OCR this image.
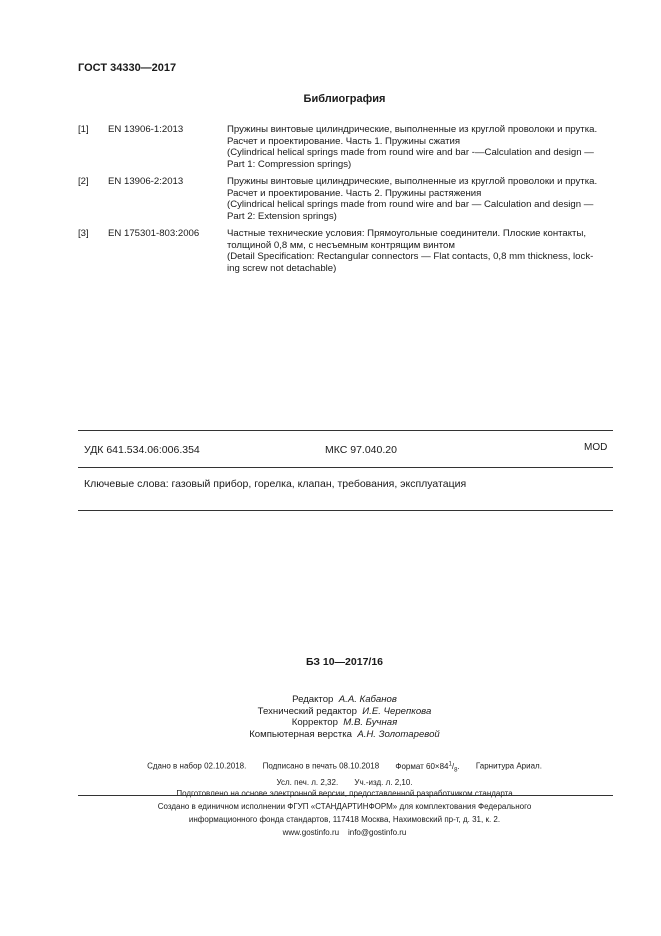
ГОСТ 34330—2017
Библиография
[1] EN 13906-1:2013	Пружины винтовые цилиндрические, выполненные из круглой проволоки и прутка.
Расчет и проектирование. Часть 1. Пружины сжатия
(Cylindrical helical springs made from round wire and bar -—Calculation and design —
Part 1: Compression springs)
[2] EN 13906-2:2013	Пружины винтовые цилиндрические, выполненные из круглой проволоки и прутка.
Расчет и проектирование. Часть 2. Пружины растяжения
(Cylindrical helical springs made from round wire and bar — Calculation and design —
Part 2: Extension springs)
[3] EN 175301-803:2006	Частные технические условия: Прямоугольные соединители. Плоские контакты,
толщиной 0,8 мм, с несъемным контрящим винтом
(Detail Specification: Rectangular connectors — Flat contacts, 0,8 mm thickness, lock-
ing screw not detachable)
УДК 641.534.06:006.354	МКС 97.040.20	MOD
Ключевые слова: газовый прибор, горелка, клапан, требования, эксплуатация
БЗ 10—2017/16
Редактор А.А. Кабанов
Технический редактор И.Е. Черепкова
Корректор М.В. Бучная
Компьютерная верстка А.Н. Золотаревой
Сдано в набор 02.10.2018. Подписано в печать 08.10.2018 Формат $60\times 84^1/_8$. Гарнитура Ариал.
Усл. печ. л. 2,32. Уч.-изд. л. 2,10.
Подготовлено на основе электронной версии, предоставленной разработчиком стандарта
Создано в единичном исполнении ФГУП «СТАНДАРТИНФОРМ» для комплектования Федерального
информационного фонда стандартов, 117418 Москва, Нахимовский пр-т, д. 31, к. 2.
www.gostinfo.ru info@gostinfo.ru
